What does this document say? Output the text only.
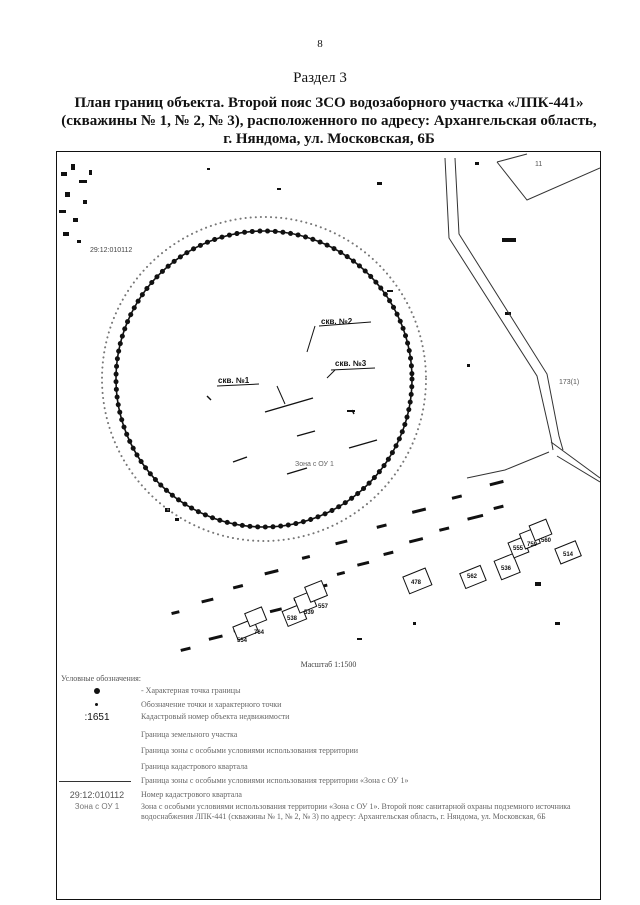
8
Раздел 3
План границ объекта. Второй пояс ЗСО водозаборного участка «ЛПК-441»
(скважины № 1, № 2, № 3), расположенного по адресу: Архангельская область,
г. Няндома, ул. Московская, 6Б
скв. №1
скв. №2
скв. №3
Зона с ОУ 1
29:12:010112
11
173(1)
554
764
538
539
557
478
562
536
555
759
560
514
Масштаб 1:1500
Условные обозначения:
- Характерная точка границы
Обозначение точки и характерного точки
:1651	Кадастровый номер объекта недвижимости
Граница земельного участка
Граница зоны с особыми условиями использования территории
Граница кадастрового квартала
Граница зоны с особыми условиями использования территории «Зона с ОУ 1»
29:12:010112	Номер кадастрового квартала
Зона с ОУ 1	Зона с особыми условиями использования территории «Зона с ОУ 1». Второй пояс санитарной охраны подземного источника водоснабжения ЛПК-441 (скважины № 1, № 2, № 3) по адресу: Архангельская область, г. Няндома, ул. Московская, 6Б
